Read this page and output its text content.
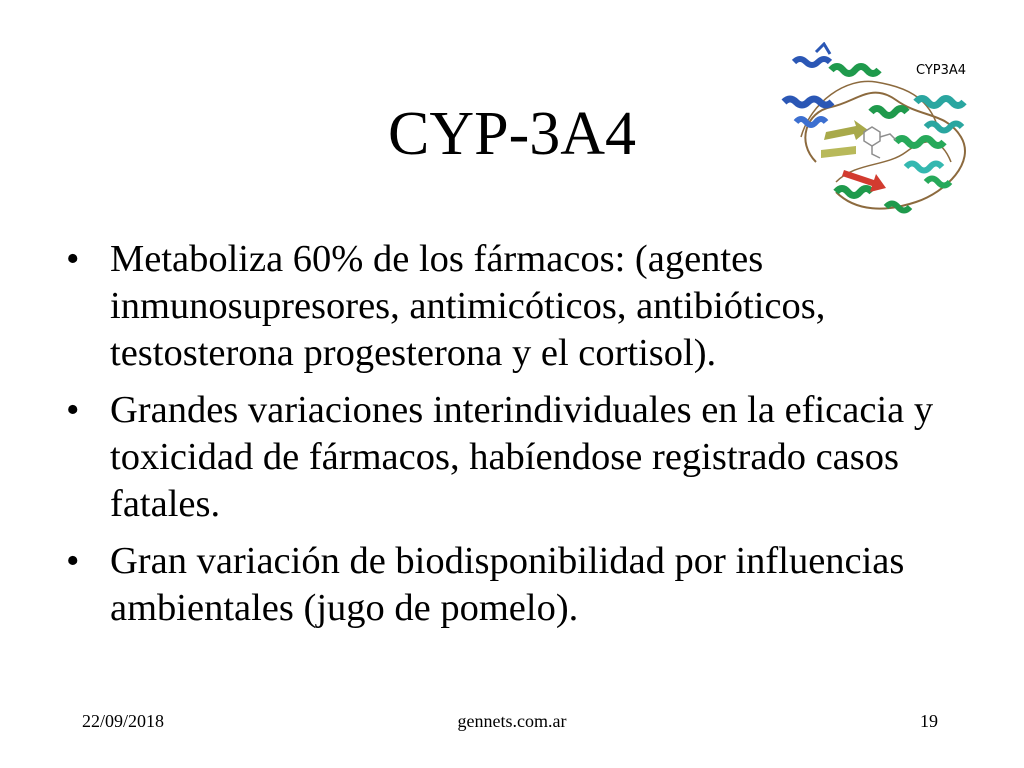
CYP-3A4
CYP3A4
• Metaboliza 60% de los fármacos: (agentes inmunosupresores, antimicóticos, antibióticos, testosterona progesterona y el cortisol).
• Grandes variaciones interindividuales en la eficacia y toxicidad de fármacos, habíendose registrado casos fatales.
• Gran variación de biodisponibilidad por influencias ambientales (jugo de pomelo).
gennets.com.ar
22/09/2018	19
